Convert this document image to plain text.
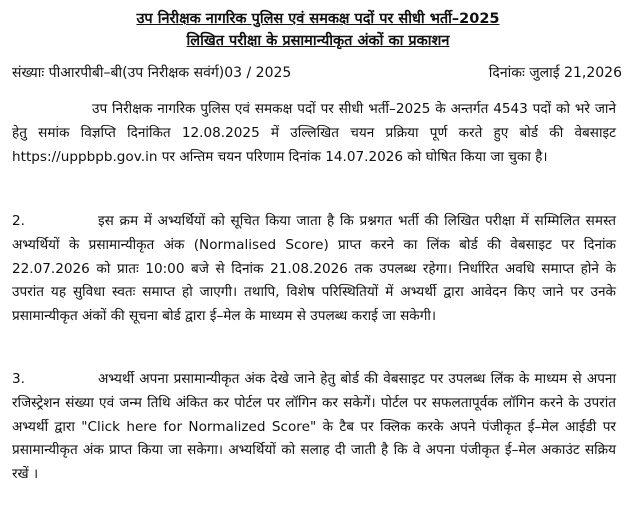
उप निरीक्षक नागरिक पुलिस एवं समकक्ष पदों पर सीधी भर्ती–2025
लिखित परीक्षा के प्रसामान्यीकृत अंकों का प्रकाशन
संख्याः पीआरपीबी–बी(उप निरीक्षक सवंर्ग)03 / 2025	दिनांकः जुलाई 21,2026
उप निरीक्षक नागरिक पुलिस एवं समकक्ष पदों पर सीधी भर्ती–2025 के अन्तर्गत 4543 पदों को भरे जाने हेतु समांक विज्ञप्ति दिनांकित 12.08.2025 में उल्लिखित चयन प्रक्रिया पूर्ण करते हुए बोर्ड की वेबसाइट https://uppbpb.gov.in पर अन्तिम चयन परिणाम दिनांक 14.07.2026 को घोषित किया जा चुका है।
2.	इस क्रम में अभ्यर्थियों को सूचित किया जाता है कि प्रश्नगत भर्ती की लिखित परीक्षा में सम्मिलित समस्त अभ्यर्थियों के प्रसामान्यीकृत अंक (Normalised Score) प्राप्त करने का लिंक बोर्ड की वेबसाइट पर दिनांक 22.07.2026 को प्रातः 10:00 बजे से दिनांक 21.08.2026 तक उपलब्ध रहेगा। निर्धारित अवधि समाप्त होने के उपरांत यह सुविधा स्वतः समाप्त हो जाएगी। तथापि, विशेष परिस्थितियों में अभ्यर्थी द्वारा आवेदन किए जाने पर उनके प्रसामान्यीकृत अंकों की सूचना बोर्ड द्वारा ई–मेल के माध्यम से उपलब्ध कराई जा सकेगी।
3.	अभ्यर्थी अपना प्रसामान्यीकृत अंक देखे जाने हेतु बोर्ड की वेबसाइट पर उपलब्ध लिंक के माध्यम से अपना रजिस्ट्रेशन संख्या एवं जन्म तिथि अंकित कर पोर्टल पर लॉगिन कर सकेगें। पोर्टल पर सफलतापूर्वक लॉगिन करने के उपरांत अभ्यर्थी द्वारा "Click here for Normalized Score" के टैब पर क्लिक करके अपने पंजीकृत ई–मेल आईडी पर प्रसामान्यीकृत अंक प्राप्त किया जा सकेगा। अभ्यर्थियों को सलाह दी जाती है कि वे अपना पंजीकृत ई–मेल अकाउंट सक्रिय रखें ।
